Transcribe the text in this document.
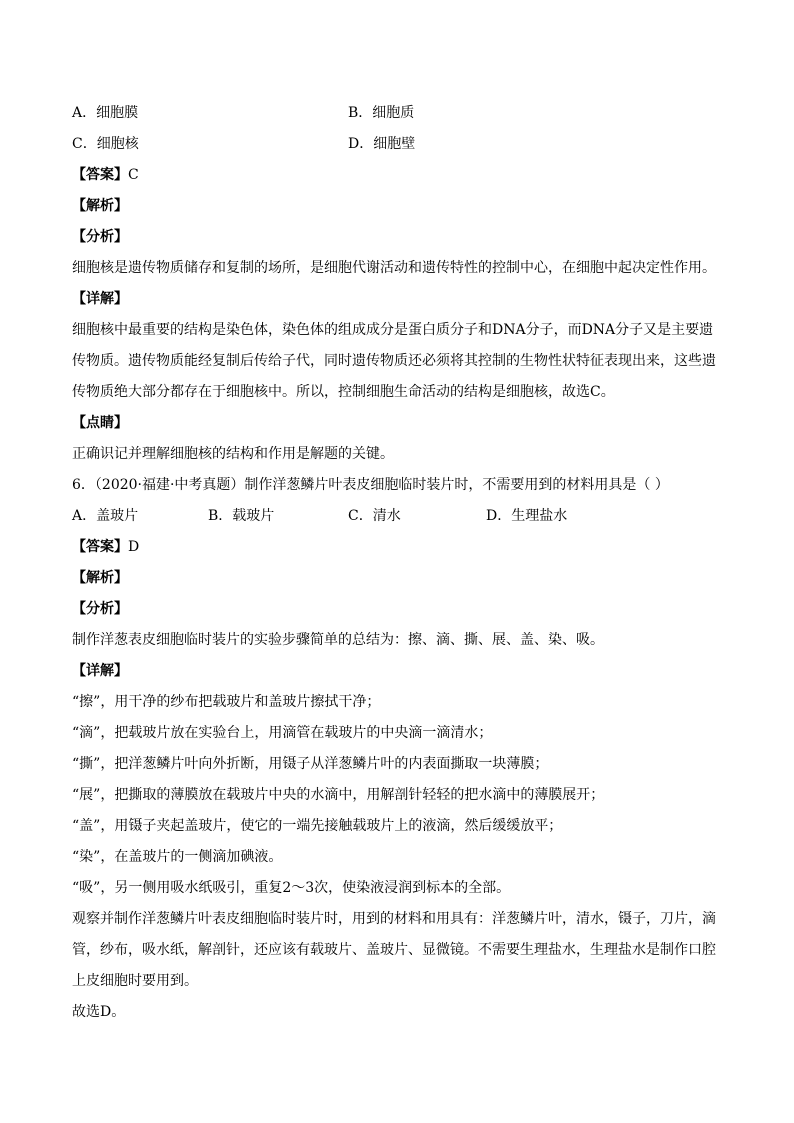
A．细胞膜	B．细胞质
C．细胞核	D．细胞壁
【答案】C
【解析】
【分析】
细胞核是遗传物质储存和复制的场所，是细胞代谢活动和遗传特性的控制中心，在细胞中起决定性作用。
【详解】
细胞核中最重要的结构是染色体，染色体的组成成分是蛋白质分子和DNA分子，而DNA分子又是主要遗
传物质。遗传物质能经复制后传给子代，同时遗传物质还必须将其控制的生物性状特征表现出来，这些遗
传物质绝大部分都存在于细胞核中。所以，控制细胞生命活动的结构是细胞核，故选C。
【点睛】
正确识记并理解细胞核的结构和作用是解题的关键。
6．（2020·福建·中考真题）制作洋葱鳞片叶表皮细胞临时装片时，不需要用到的材料用具是（ ）
A．盖玻片	B．载玻片	C．清水	D．生理盐水
【答案】D
【解析】
【分析】
制作洋葱表皮细胞临时装片的实验步骤简单的总结为：擦、滴、撕、展、盖、染、吸。
【详解】
“擦”，用干净的纱布把载玻片和盖玻片擦拭干净；
“滴”，把载玻片放在实验台上，用滴管在载玻片的中央滴一滴清水；
“撕”，把洋葱鳞片叶向外折断，用镊子从洋葱鳞片叶的内表面撕取一块薄膜；
“展”，把撕取的薄膜放在载玻片中央的水滴中，用解剖针轻轻的把水滴中的薄膜展开；
“盖”，用镊子夹起盖玻片，使它的一端先接触载玻片上的液滴，然后缓缓放平；
“染”，在盖玻片的一侧滴加碘液。
“吸”，另一侧用吸水纸吸引，重复2～3次，使染液浸润到标本的全部。
观察并制作洋葱鳞片叶表皮细胞临时装片时，用到的材料和用具有：洋葱鳞片叶，清水，镊子，刀片，滴
管，纱布，吸水纸，解剖针，还应该有载玻片、盖玻片、显微镜。不需要生理盐水，生理盐水是制作口腔
上皮细胞时要用到。
故选D。
